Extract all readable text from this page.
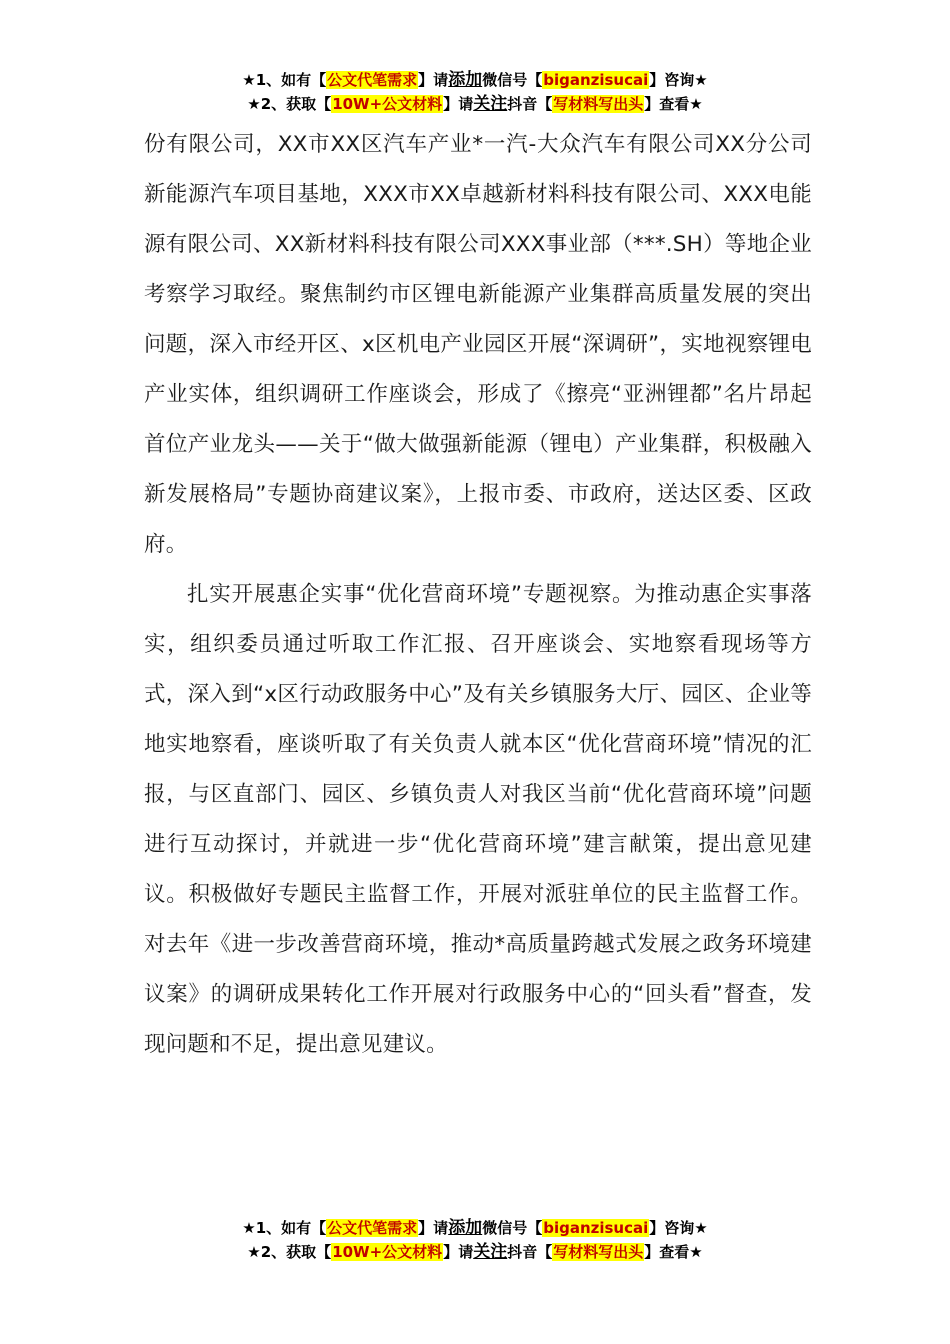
★1、如有【公文代笔需求】请添加微信号【biganzisucai】咨询★
★2、获取【10W+公文材料】请关注抖音【写材料写出头】查看★

份有限公司，XX市XX区汽车产业*一汽-大众汽车有限公司XX分公司新能源汽车项目基地，XXX市XX卓越新材料科技有限公司、XXX电能源有限公司、XX新材料科技有限公司XXX事业部（***.SH）等地企业考察学习取经。聚焦制约市区锂电新能源产业集群高质量发展的突出问题，深入市经开区、x区机电产业园区开展“深调研”，实地视察锂电产业实体，组织调研工作座谈会，形成了《擦亮“亚洲锂都”名片昂起首位产业龙头——关于“做大做强新能源（锂电）产业集群，积极融入新发展格局”专题协商建议案》，上报市委、市政府，送达区委、区政府。

扎实开展惠企实事“优化营商环境”专题视察。为推动惠企实事落实，组织委员通过听取工作汇报、召开座谈会、实地察看现场等方式，深入到“x区行动政服务中心”及有关乡镇服务大厅、园区、企业等地实地察看，座谈听取了有关负责人就本区“优化营商环境”情况的汇报，与区直部门、园区、乡镇负责人对我区当前“优化营商环境”问题进行互动探讨，并就进一步“优化营商环境”建言献策，提出意见建议。积极做好专题民主监督工作，开展对派驻单位的民主监督工作。对去年《进一步改善营商环境，推动*高质量跨越式发展之政务环境建议案》的调研成果转化工作开展对行政服务中心的“回头看”督查，发现问题和不足，提出意见建议。

★1、如有【公文代笔需求】请添加微信号【biganzisucai】咨询★
★2、获取【10W+公文材料】请关注抖音【写材料写出头】查看★
